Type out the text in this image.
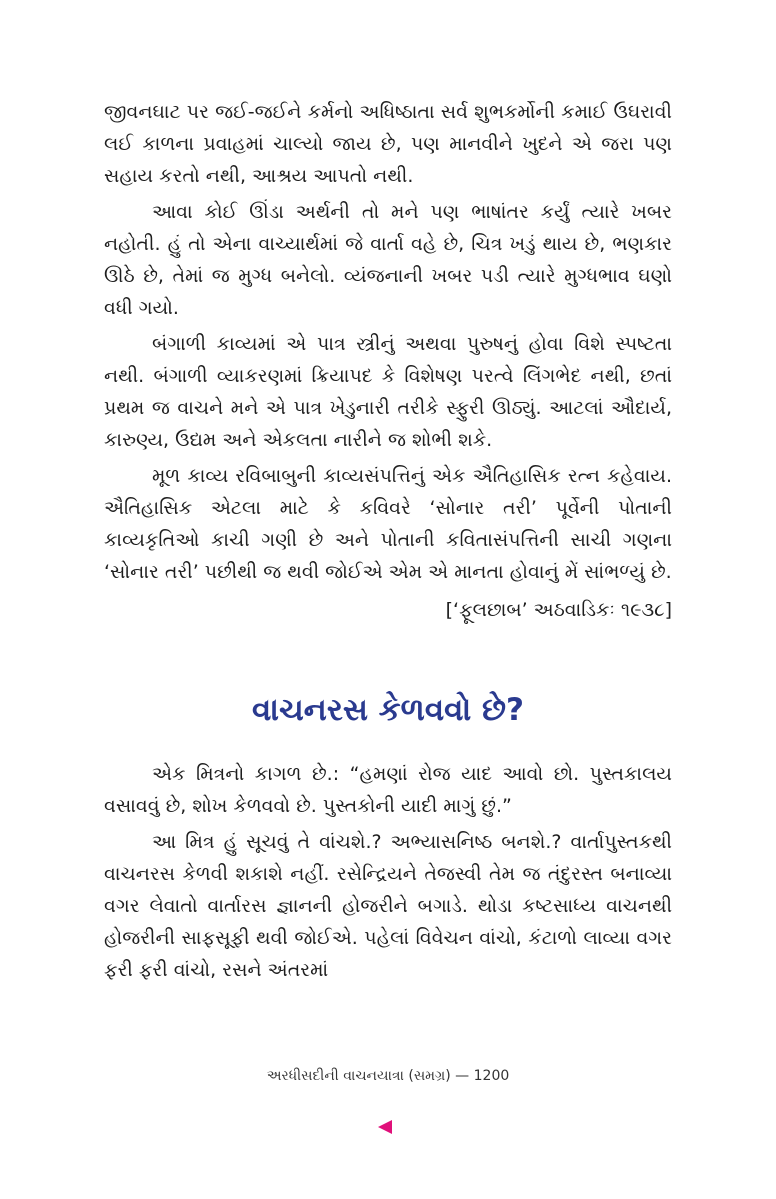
જીવનઘાટ પર જઈ-જઈને કર્મનો અધિષ્ઠાતા સર્વ શુભકર્મોની કમાઈ ઉઘરાવી લઈ કાળના પ્રવાહમાં ચાલ્યો જાય છે, પણ માનવીને ખુદને એ જરા પણ સહાય કરતો નથી, આશ્રય આપતો નથી.

આવા કોઈ ઊંડા અર્થની તો મને પણ ભાષાંતર કર્યું ત્યારે ખબર નહોતી. હું તો એના વાચ્યાર્થમાં જે વાર્તા વહે છે, ચિત્ર ખડું થાય છે, ભણકાર ઊઠે છે, તેમાં જ મુગ્ધ બનેલો. વ્યંજનાની ખબર પડી ત્યારે મુગ્ધભાવ ઘણો વધી ગયો.

બંગાળી કાવ્યમાં એ પાત્ર સ્ત્રીનું અથવા પુરુષનું હોવા વિશે સ્પષ્ટતા નથી. બંગાળી વ્યાકરણમાં ક્રિયાપદ કે વિશેષણ પરત્વે લિંગભેદ નથી, છતાં પ્રથમ જ વાચને મને એ પાત્ર ખેડુનારી તરીકે સ્ફુરી ઊઠ્યું. આટલાં ઔદાર્ય, કારુણ્ય, ઉદ્યમ અને એકલતા નારીને જ શોભી શકે.

મૂળ કાવ્ય રવિબાબુની કાવ્યસંપત્તિનું એક ઐતિહાસિક રત્ન કહેવાય. ઐતિહાસિક એટલા માટે કે કવિવરે ‘સોનાર તરી’ પૂર્વેની પોતાની કાવ્યકૃતિઓ કાચી ગણી છે અને પોતાની કવિતાસંપત્તિની સાચી ગણના ‘સોનાર તરી’ પછીથી જ થવી જોઈએ એમ એ માનતા હોવાનું મેં સાંભળ્યું છે.

[‘ફૂલછાબ’ અઠવાડિકઃ ૧૯૩૮]
વાચનરસ કેળવવો છે?

એક મિત્રનો કાગળ છે.: “હમણાં રોજ યાદ આવો છો. પુસ્તકાલય વસાવવું છે, શોખ કેળવવો છે. પુસ્તકોની યાદી માગું છું.”

આ મિત્ર હું સૂચવું તે વાંચશે.? અભ્યાસનિષ્ઠ બનશે.? વાર્તાપુસ્તકથી વાચનરસ કેળવી શકાશે નહીં. રસેન્દ્રિયને તેજસ્વી તેમ જ તંદુરસ્ત બનાવ્યા વગર લેવાતો વાર્તારસ જ્ઞાનની હોજરીને બગાડે. થોડા કષ્ટસાધ્ય વાચનથી હોજરીની સાફસૂફી થવી જોઈએ. પહેલાં વિવેચન વાંચો, કંટાળો લાવ્યા વગર ફરી ફરી વાંચો, રસને અંતરમાં

અરધીસદીની વાચનયાત્રા (સમગ્ર) — 1200
